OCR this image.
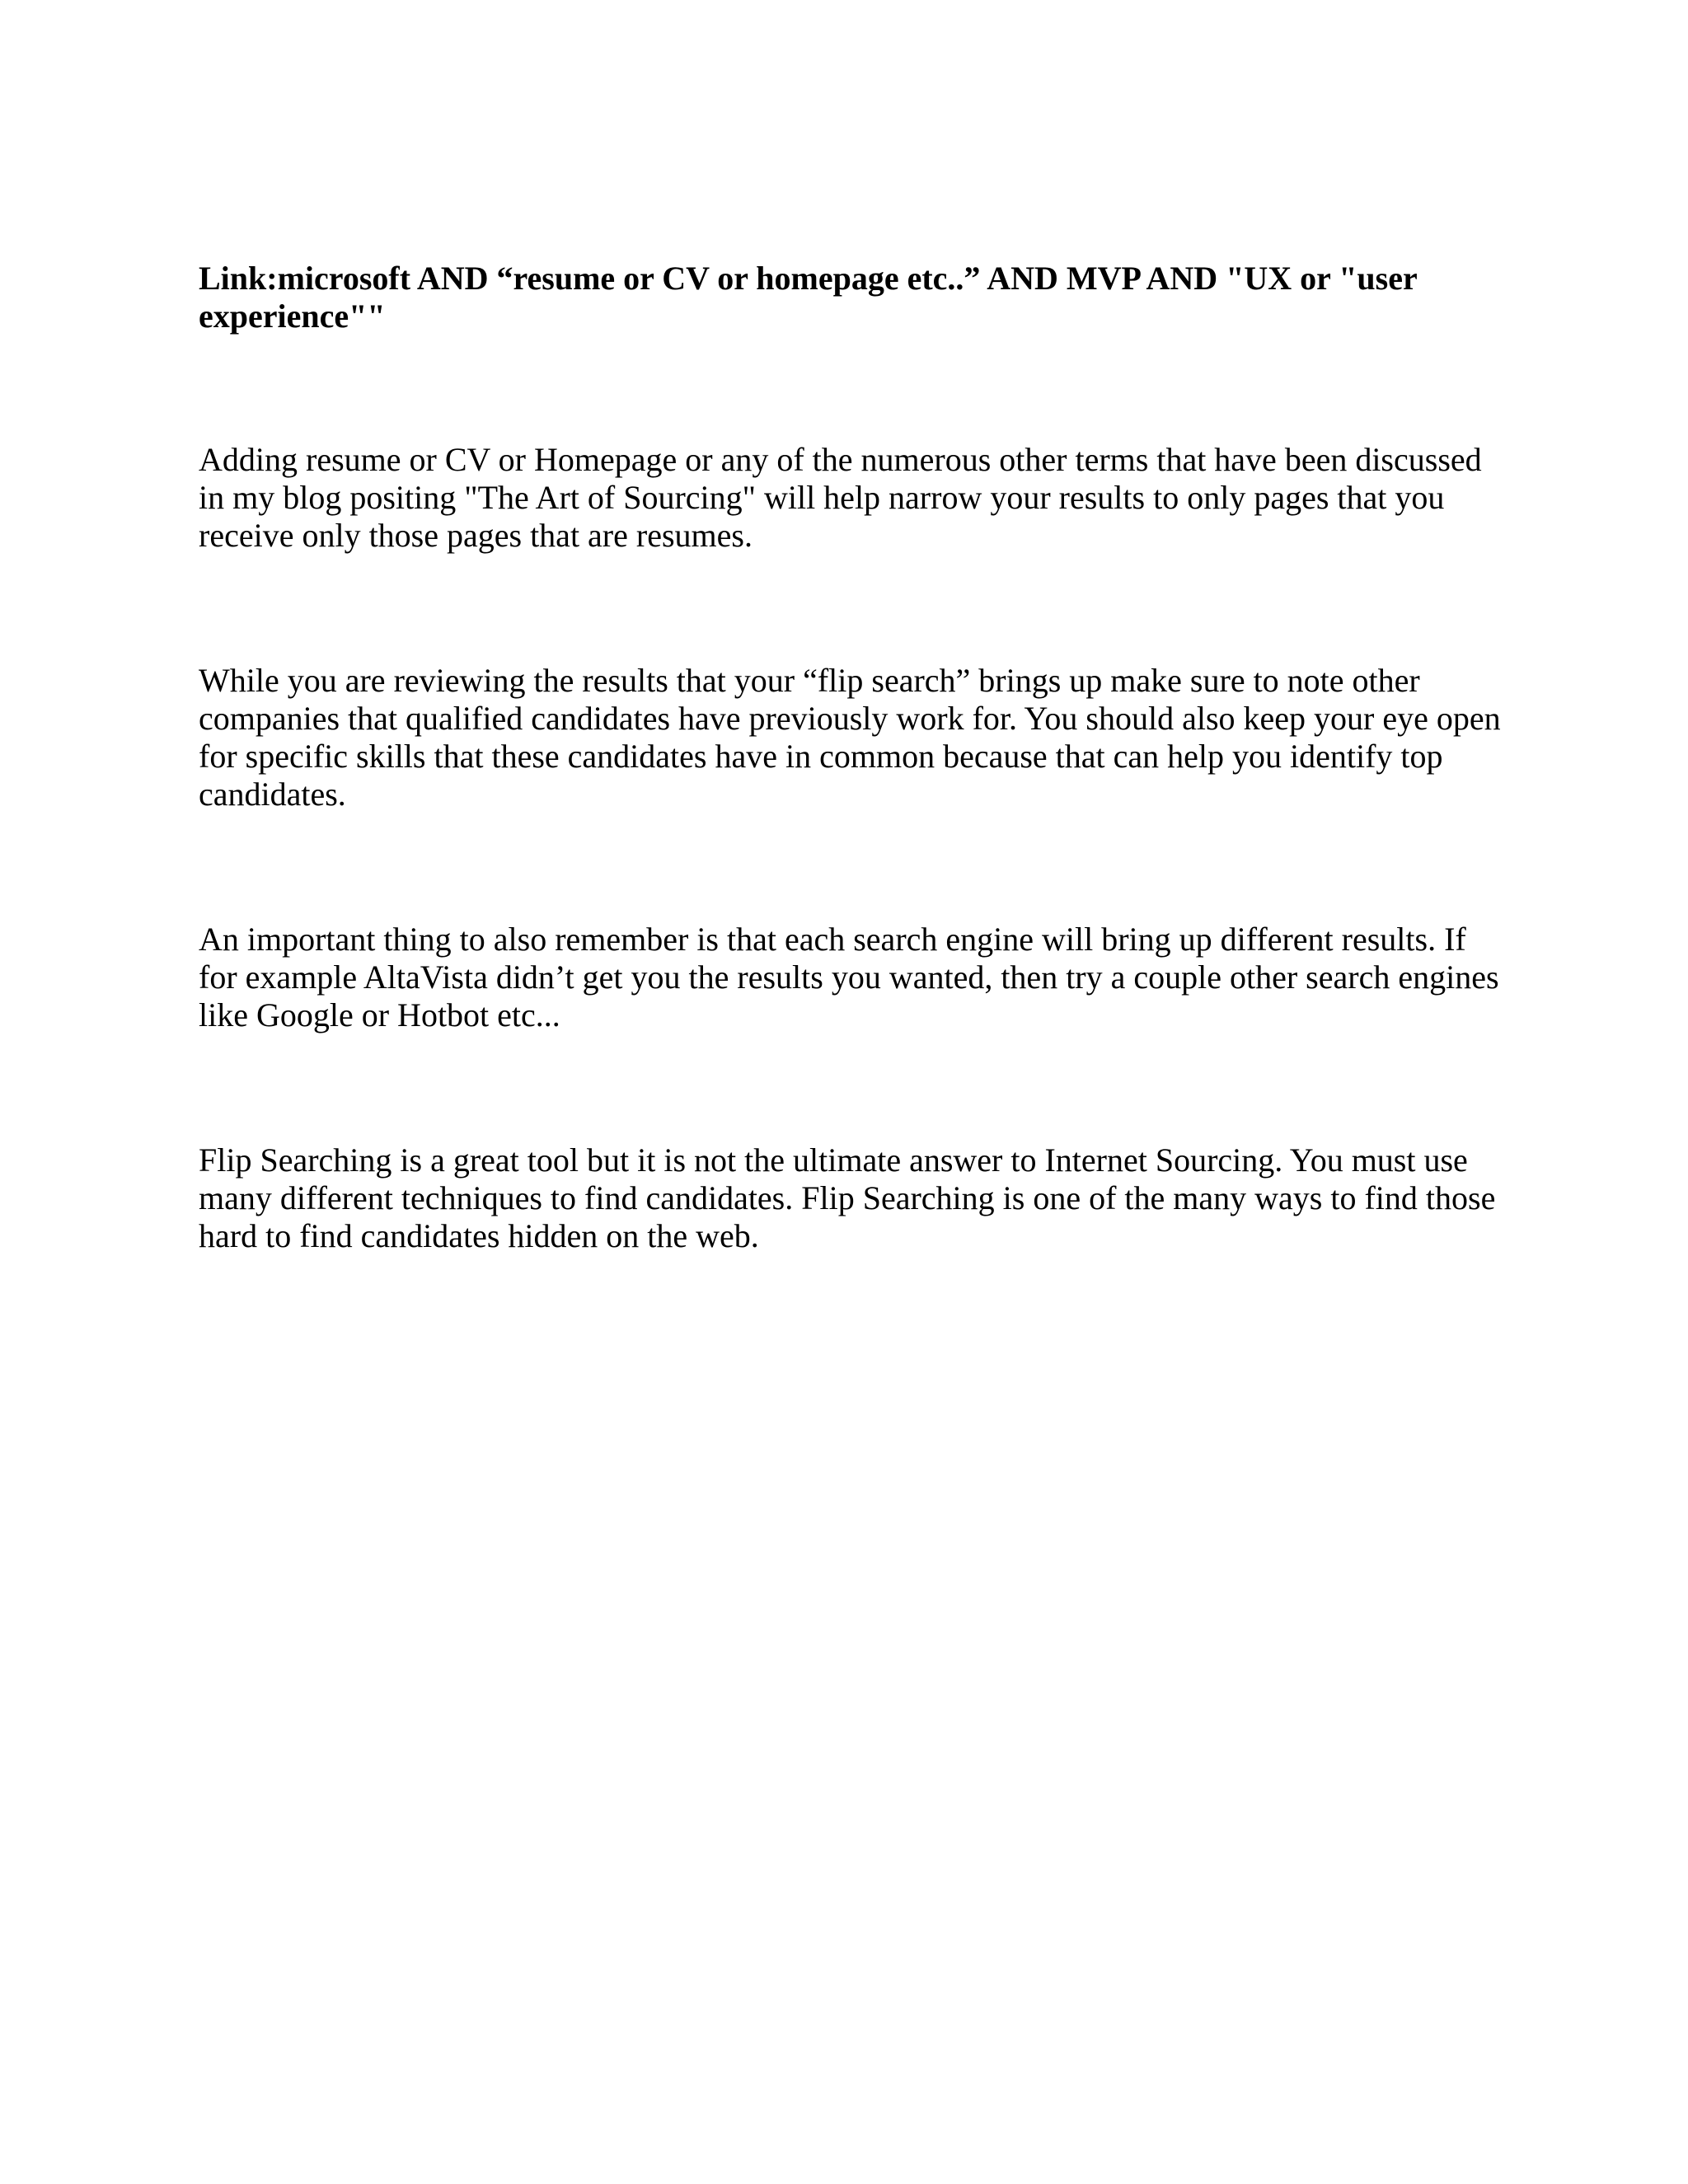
Link:microsoft AND “resume or CV or homepage etc..” AND MVP AND "UX or "user experience""

Adding resume or CV or Homepage or any of the numerous other terms that have been discussed in my blog positing "The Art of Sourcing" will help narrow your results to only pages that you receive only those pages that are resumes.

While you are reviewing the results that your “flip search” brings up make sure to note other companies that qualified candidates have previously work for. You should also keep your eye open for specific skills that these candidates have in common because that can help you identify top candidates.

An important thing to also remember is that each search engine will bring up different results. If for example AltaVista didn’t get you the results you wanted, then try a couple other search engines like Google or Hotbot etc...

Flip Searching is a great tool but it is not the ultimate answer to Internet Sourcing. You must use many different techniques to find candidates. Flip Searching is one of the many ways to find those hard to find candidates hidden on the web.
